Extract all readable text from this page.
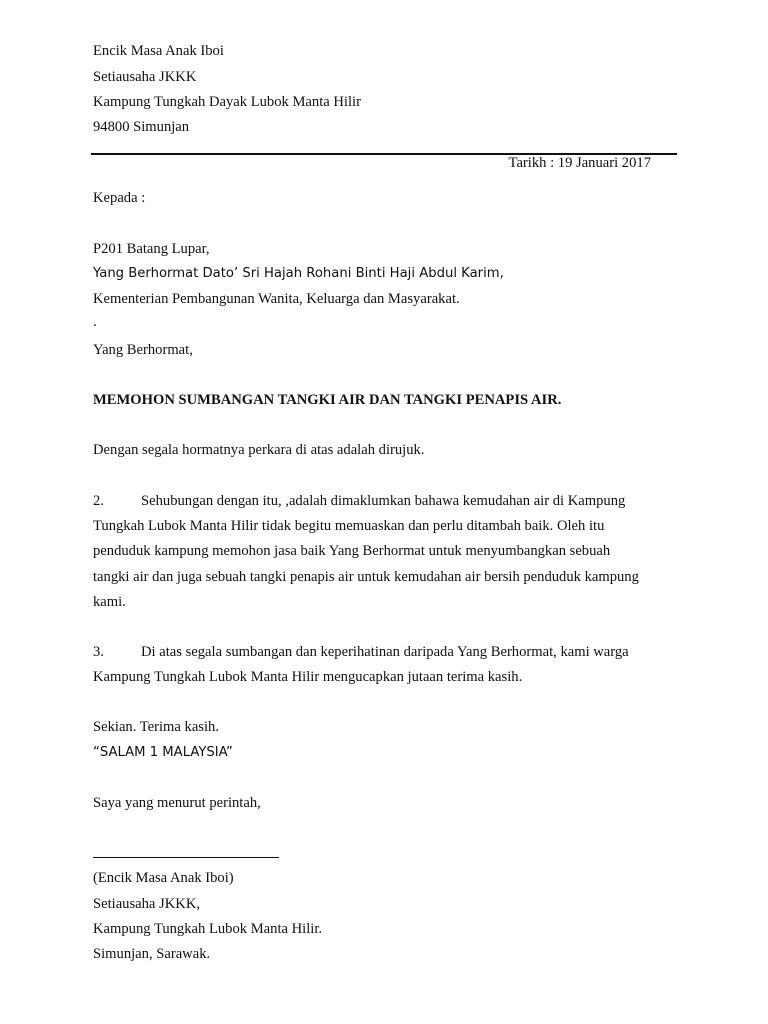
Encik Masa Anak Iboi
Setiausaha JKKK
Kampung Tungkah Dayak Lubok Manta Hilir
94800 Simunjan
Tarikh : 19 Januari 2017
Kepada :
P201 Batang Lupar,
Yang Berhormat Dato’ Sri Hajah Rohani Binti Haji Abdul Karim,
Kementerian Pembangunan Wanita, Keluarga dan Masyarakat.
.
Yang Berhormat,
MEMOHON SUMBANGAN TANGKI AIR DAN TANGKI PENAPIS AIR.
Dengan segala hormatnya perkara di atas adalah dirujuk.
2.	Sehubungan dengan itu, ,adalah dimaklumkan bahawa kemudahan air di Kampung
Tungkah Lubok Manta Hilir tidak begitu memuaskan dan perlu ditambah baik. Oleh itu
penduduk kampung memohon jasa baik Yang Berhormat untuk menyumbangkan sebuah
tangki air dan juga sebuah tangki penapis air untuk kemudahan air bersih penduduk kampung
kami.
3.	Di atas segala sumbangan dan keperihatinan daripada Yang Berhormat, kami warga
Kampung Tungkah Lubok Manta Hilir mengucapkan jutaan terima kasih.
Sekian. Terima kasih.
“SALAM 1 MALAYSIA”
Saya yang menurut perintah,
(Encik Masa Anak Iboi)
Setiausaha JKKK,
Kampung Tungkah Lubok Manta Hilir.
Simunjan, Sarawak.
